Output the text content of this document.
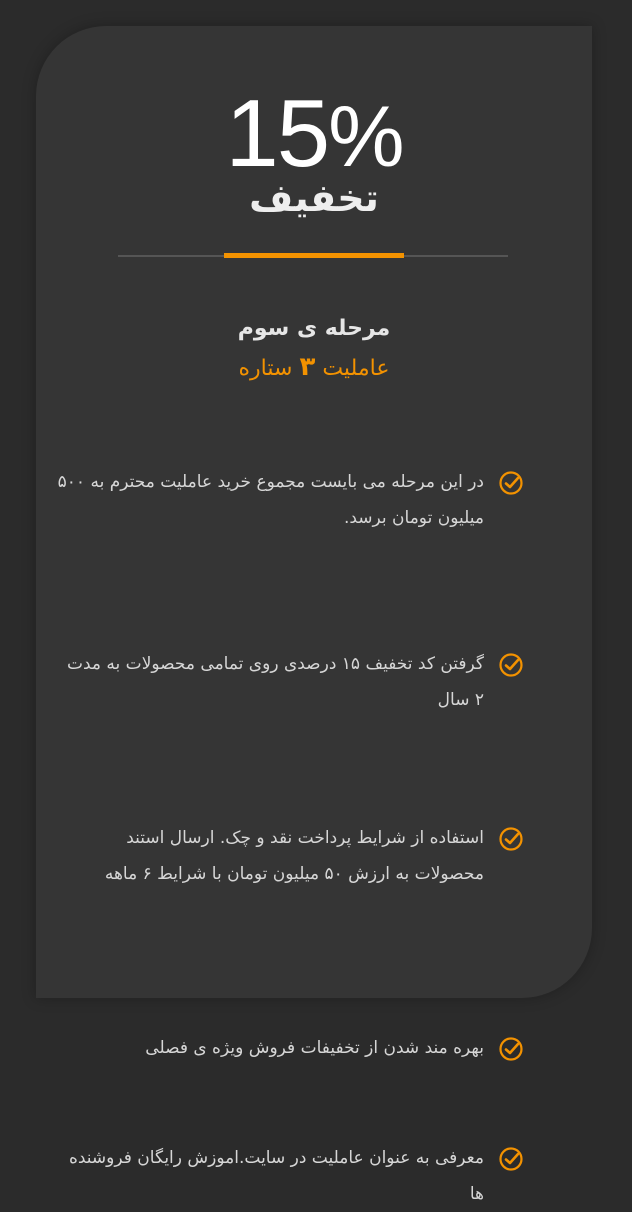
15%
تخفیف
مرحله ی سوم
عاملیت ۳ ستاره
در این مرحله می بایست مجموع خرید عاملیت محترم به ۵۰۰ میلیون تومان برسد.
گرفتن کد تخفیف ۱۵ درصدی روی تمامی محصولات به مدت ۲ سال
استفاده از شرایط پرداخت نقد و چک. ارسال استند محصولات به ارزش ۵۰ میلیون تومان با شرایط ۶ ماهه
بهره مند شدن از تخفیفات فروش ویژه ی فصلی
معرفی به عنوان عاملیت در سایت.اموزش رایگان فروشنده ها
